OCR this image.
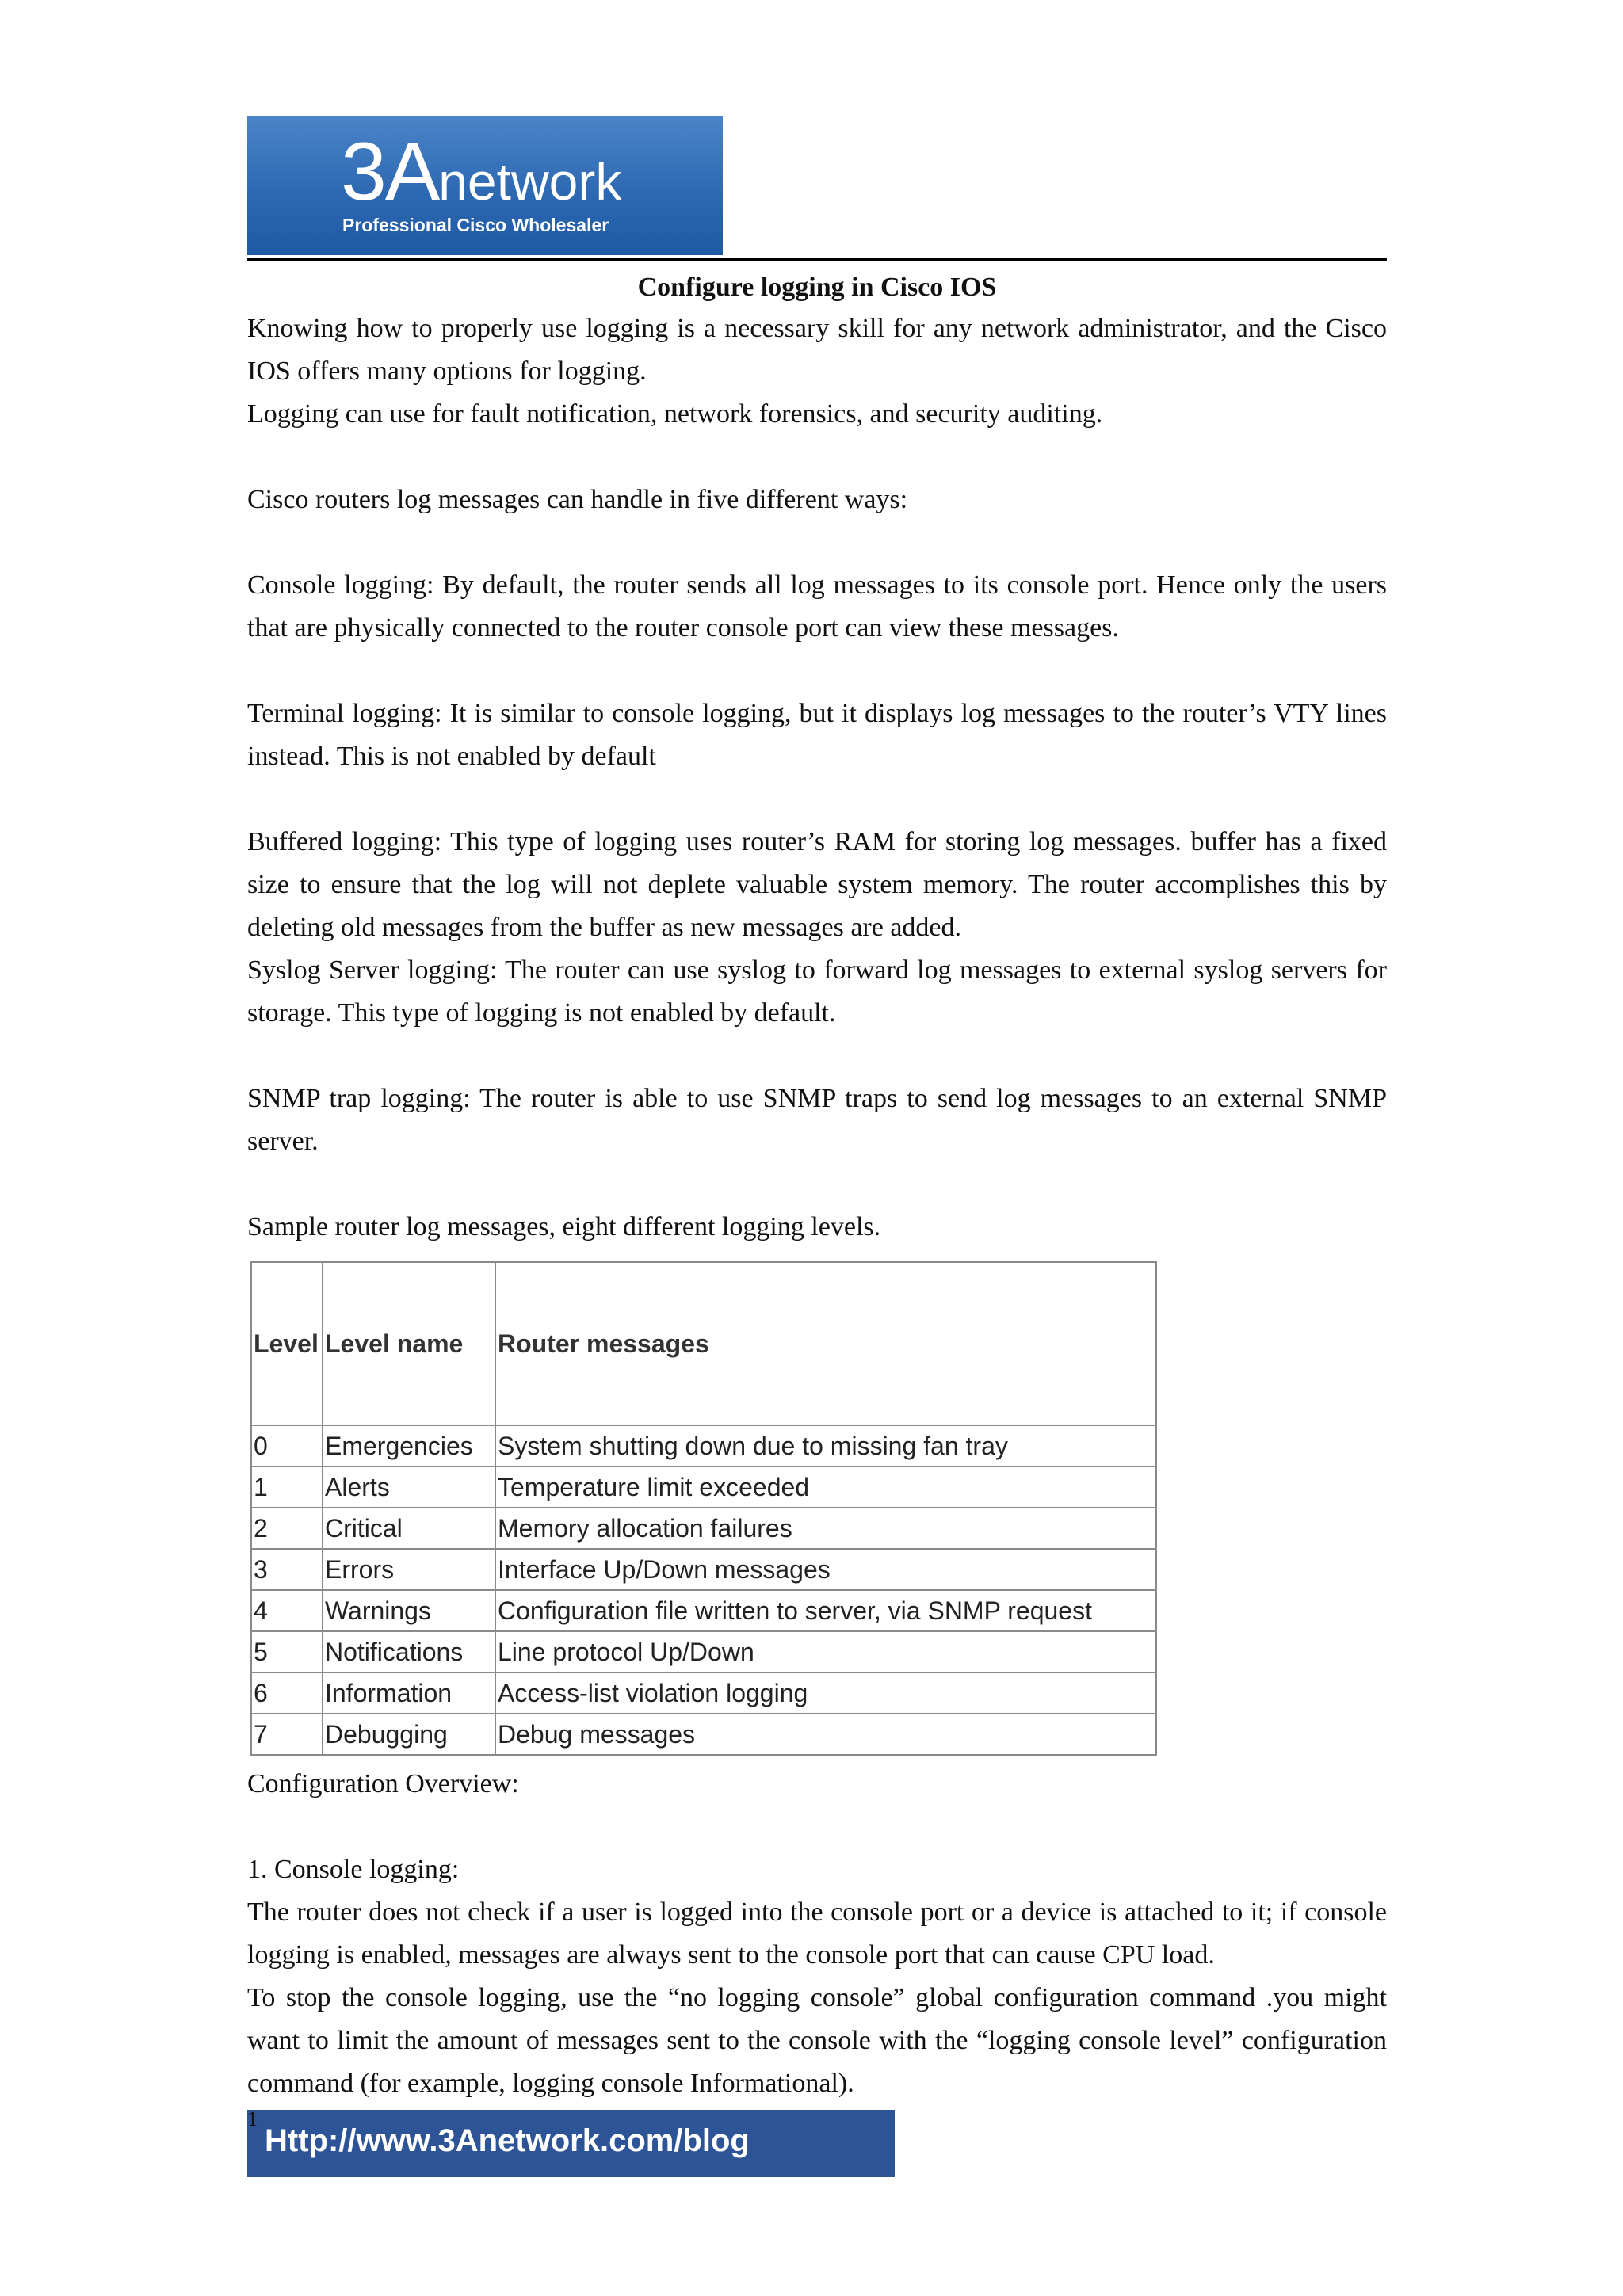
3Anetwork
Professional Cisco Wholesaler
Configure logging in Cisco IOS

Knowing how to properly use logging is a necessary skill for any network administrator, and the Cisco IOS offers many options for logging.

Logging can use for fault notification, network forensics, and security auditing.

Cisco routers log messages can handle in five different ways:

Console logging: By default, the router sends all log messages to its console port. Hence only the users that are physically connected to the router console port can view these messages.

Terminal logging: It is similar to console logging, but it displays log messages to the router’s VTY lines instead. This is not enabled by default

Buffered logging: This type of logging uses router’s RAM for storing log messages. buffer has a fixed size to ensure that the log will not deplete valuable system memory. The router accomplishes this by deleting old messages from the buffer as new messages are added.

Syslog Server logging: The router can use syslog to forward log messages to external syslog servers for storage. This type of logging is not enabled by default.

SNMP trap logging: The router is able to use SNMP traps to send log messages to an external SNMP server.

Sample router log messages, eight different logging levels.

Level	Level name	Router messages
0	Emergencies	System shutting down due to missing fan tray
1	Alerts	Temperature limit exceeded
2	Critical	Memory allocation failures
3	Errors	Interface Up/Down messages
4	Warnings	Configuration file written to server, via SNMP request
5	Notifications	Line protocol Up/Down
6	Information	Access-list violation logging
7	Debugging	Debug messages

Configuration Overview:

1. Console logging:

The router does not check if a user is logged into the console port or a device is attached to it; if console logging is enabled, messages are always sent to the console port that can cause CPU load.

To stop the console logging, use the “no logging console” global configuration command .you might want to limit the amount of messages sent to the console with the “logging console level” configuration command (for example, logging console Informational).

Http://www.3Anetwork.com/blog
1
